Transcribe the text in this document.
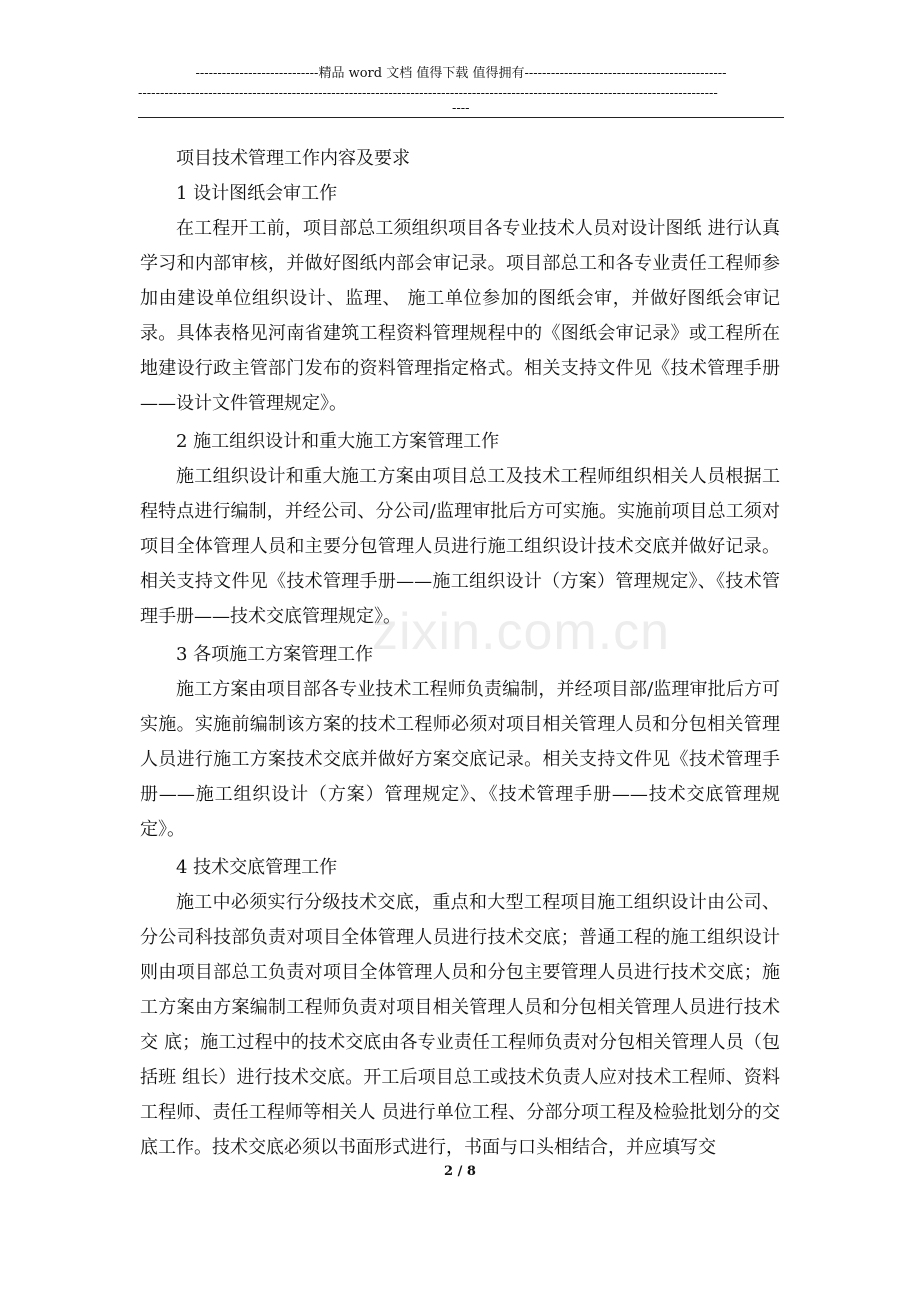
----------------------------精品 word 文档 值得下载 值得拥有----------------------------------------------
------------------------------------------------------------------------------------------------------------------------------------
----
zixin.com.cn

项目技术管理工作内容及要求

1 设计图纸会审工作

在工程开工前，项目部总工须组织项目各专业技术人员对设计图纸 进行认真学习和内部审核，并做好图纸内部会审记录。项目部总工和各专业责任工程师参加由建设单位组织设计、监理、 施工单位参加的图纸会审，并做好图纸会审记录。具体表格见河南省建筑工程资料管理规程中的《图纸会审记录》或工程所在地建设行政主管部门发布的资料管理指定格式。相关支持文件见《技术管理手册——设计文件管理规定》。

2 施工组织设计和重大施工方案管理工作

施工组织设计和重大施工方案由项目总工及技术工程师组织相关人员根据工程特点进行编制，并经公司、分公司/监理审批后方可实施。实施前项目总工须对项目全体管理人员和主要分包管理人员进行施工组织设计技术交底并做好记录。相关支持文件见《技术管理手册——施工组织设计（方案）管理规定》、《技术管理手册——技术交底管理规定》。

3 各项施工方案管理工作

施工方案由项目部各专业技术工程师负责编制，并经项目部/监理审批后方可实施。实施前编制该方案的技术工程师必须对项目相关管理人员和分包相关管理人员进行施工方案技术交底并做好方案交底记录。相关支持文件见《技术管理手册——施工组织设计（方案）管理规定》、《技术管理手册——技术交底管理规定》。

4 技术交底管理工作

施工中必须实行分级技术交底，重点和大型工程项目施工组织设计由公司、分公司科技部负责对项目全体管理人员进行技术交底；普通工程的施工组织设计则由项目部总工负责对项目全体管理人员和分包主要管理人员进行技术交底；施工方案由方案编制工程师负责对项目相关管理人员和分包相关管理人员进行技术交 底；施工过程中的技术交底由各专业责任工程师负责对分包相关管理人员（包括班 组长）进行技术交底。开工后项目总工或技术负责人应对技术工程师、资料工程师、责任工程师等相关人 员进行单位工程、分部分项工程及检验批划分的交底工作。技术交底必须以书面形式进行，书面与口头相结合，并应填写交

2 / 8
